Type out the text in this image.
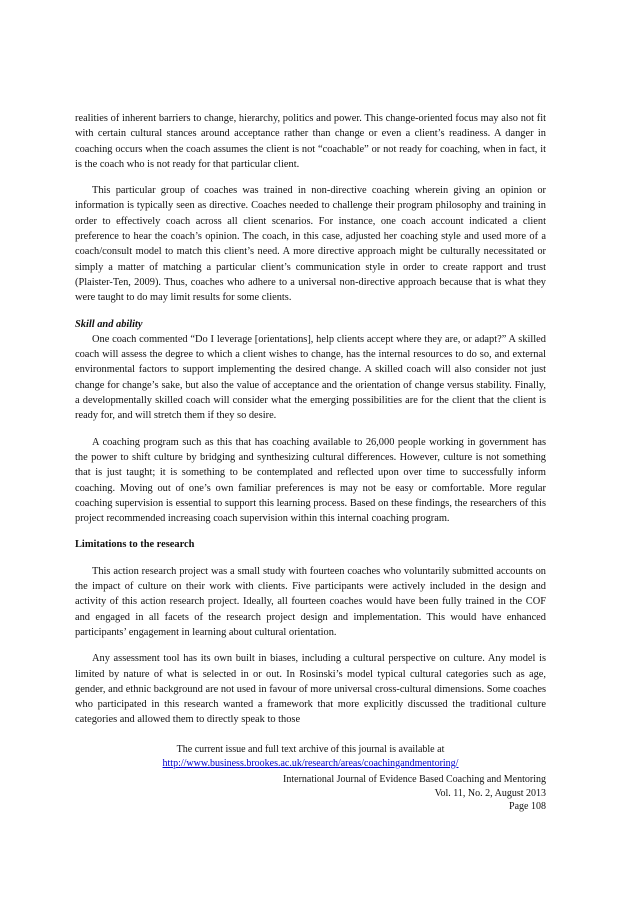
realities of inherent barriers to change, hierarchy, politics and power. This change-oriented focus may also not fit with certain cultural stances around acceptance rather than change or even a client’s readiness. A danger in coaching occurs when the coach assumes the client is not “coachable” or not ready for coaching, when in fact, it is the coach who is not ready for that particular client.

This particular group of coaches was trained in non-directive coaching wherein giving an opinion or information is typically seen as directive. Coaches needed to challenge their program philosophy and training in order to effectively coach across all client scenarios. For instance, one coach account indicated a client preference to hear the coach’s opinion. The coach, in this case, adjusted her coaching style and used more of a coach/consult model to match this client’s need. A more directive approach might be culturally necessitated or simply a matter of matching a particular client’s communication style in order to create rapport and trust (Plaister-Ten, 2009). Thus, coaches who adhere to a universal non-directive approach because that is what they were taught to do may limit results for some clients.

Skill and ability

One coach commented “Do I leverage [orientations], help clients accept where they are, or adapt?” A skilled coach will assess the degree to which a client wishes to change, has the internal resources to do so, and external environmental factors to support implementing the desired change. A skilled coach will also consider not just change for change’s sake, but also the value of acceptance and the orientation of change versus stability. Finally, a developmentally skilled coach will consider what the emerging possibilities are for the client that the client is ready for, and will stretch them if they so desire.

A coaching program such as this that has coaching available to 26,000 people working in government has the power to shift culture by bridging and synthesizing cultural differences. However, culture is not something that is just taught; it is something to be contemplated and reflected upon over time to successfully inform coaching. Moving out of one’s own familiar preferences is may not be easy or comfortable. More regular coaching supervision is essential to support this learning process. Based on these findings, the researchers of this project recommended increasing coach supervision within this internal coaching program.

Limitations to the research

This action research project was a small study with fourteen coaches who voluntarily submitted accounts on the impact of culture on their work with clients. Five participants were actively included in the design and activity of this action research project. Ideally, all fourteen coaches would have been fully trained in the COF and engaged in all facets of the research project design and implementation. This would have enhanced participants’ engagement in learning about cultural orientation.

Any assessment tool has its own built in biases, including a cultural perspective on culture. Any model is limited by nature of what is selected in or out. In Rosinski’s model typical cultural categories such as age, gender, and ethnic background are not used in favour of more universal cross-cultural dimensions. Some coaches who participated in this research wanted a framework that more explicitly discussed the traditional culture categories and allowed them to directly speak to those

The current issue and full text archive of this journal is available at
http://www.business.brookes.ac.uk/research/areas/coachingandmentoring/
International Journal of Evidence Based Coaching and Mentoring
Vol. 11, No. 2, August 2013
Page 108
